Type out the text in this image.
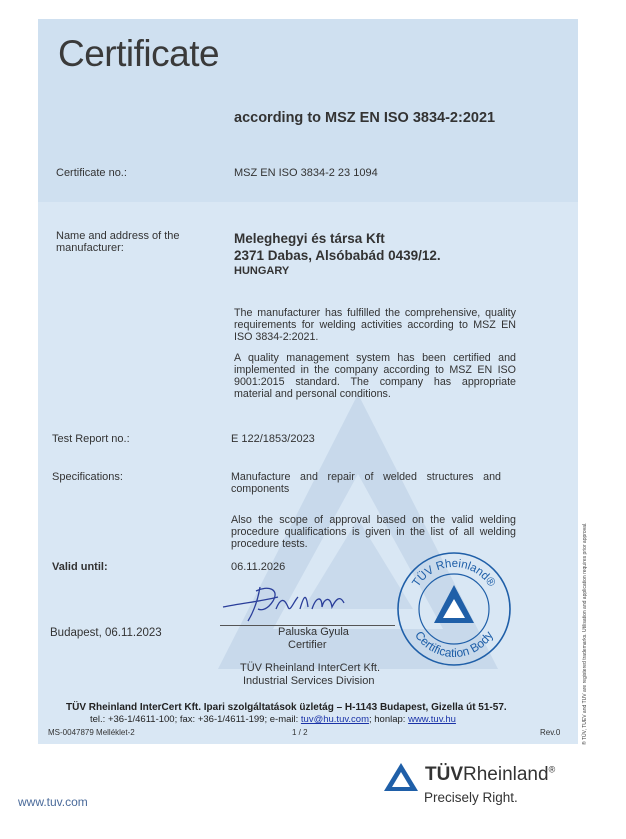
Certificate
according to MSZ EN ISO 3834-2:2021
Certificate no.:	MSZ EN ISO 3834-2 23 1094
Name and address of the
manufacturer:
Meleghegyi és társa Kft
2371 Dabas, Alsóbabád 0439/12.
HUNGARY
The manufacturer has fulfilled the comprehensive, quality requirements for welding activities according to MSZ EN ISO 3834-2:2021.
A quality management system has been certified and implemented in the company according to MSZ EN ISO 9001:2015 standard. The company has appropriate material and personal conditions.
Test Report no.:	E 122/1853/2023
Specifications:	Manufacture and repair of welded structures and components
Also the scope of approval based on the valid welding procedure qualifications is given in the list of all welding procedure tests.
Valid until:	06.11.2026
Budapest, 06.11.2023	Paluska Gyula
Certifier
TÜV Rheinland InterCert Kft.
Industrial Services Division
TÜV Rheinland®
Certification Body
TÜV Rheinland InterCert Kft. Ipari szolgáltatások üzletág – H-1143 Budapest, Gizella út 51-57.
tel.: +36-1/4611-100; fax: +36-1/4611-199; e-mail: tuv@hu.tuv.com; honlap: www.tuv.hu
MS-0047879 Melléklet-2	1 / 2	Rev.0	® TÜV, TUEV and TUV are registered trademarks. Utilisation and application requires prior approval.
TÜVRheinland®
Precisely Right.
www.tuv.com
